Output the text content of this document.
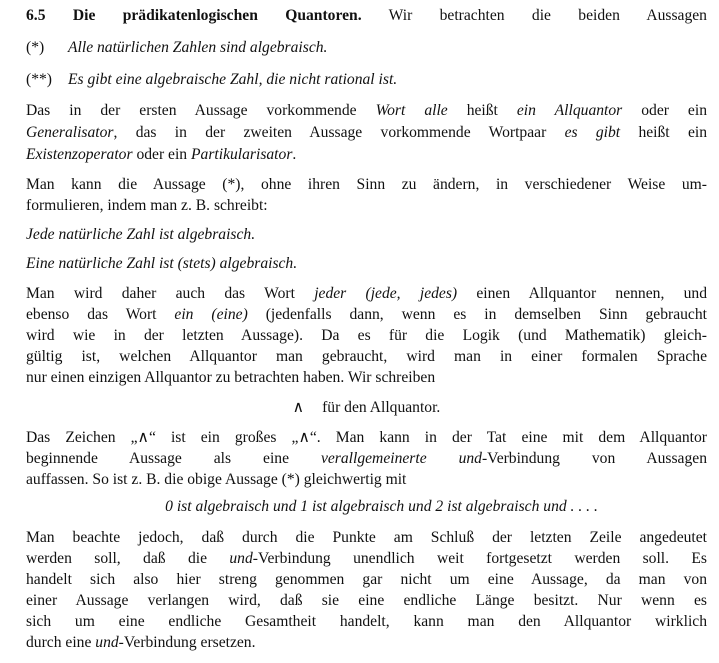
6.5 Die prädikatenlogischen Quantoren. Wir betrachten die beiden Aussagen
(*) Alle natürlichen Zahlen sind algebraisch.
(**) Es gibt eine algebraische Zahl, die nicht rational ist.
Das in der ersten Aussage vorkommende Wort alle heißt ein Allquantor oder ein
Generalisator, das in der zweiten Aussage vorkommende Wortpaar es gibt heißt ein
Existenzoperator oder ein Partikularisator.
Man kann die Aussage (*), ohne ihren Sinn zu ändern, in verschiedener Weise um-
formulieren, indem man z. B. schreibt:
Jede natürliche Zahl ist algebraisch.
Eine natürliche Zahl ist (stets) algebraisch.
Man wird daher auch das Wort jeder (jede, jedes) einen Allquantor nennen, und
ebenso das Wort ein (eine) (jedenfalls dann, wenn es in demselben Sinn gebraucht
wird wie in der letzten Aussage). Da es für die Logik (und Mathematik) gleich-
gültig ist, welchen Allquantor man gebraucht, wird man in einer formalen Sprache
nur einen einzigen Allquantor zu betrachten haben. Wir schreiben
∧ für den Allquantor.
Das Zeichen „∧“ ist ein großes „∧“. Man kann in der Tat eine mit dem Allquantor
beginnende Aussage als eine verallgemeinerte und-Verbindung von Aussagen
auffassen. So ist z. B. die obige Aussage (*) gleichwertig mit
0 ist algebraisch und 1 ist algebraisch und 2 ist algebraisch und . . . .
Man beachte jedoch, daß durch die Punkte am Schluß der letzten Zeile angedeutet
werden soll, daß die und-Verbindung unendlich weit fortgesetzt werden soll. Es
handelt sich also hier streng genommen gar nicht um eine Aussage, da man von
einer Aussage verlangen wird, daß sie eine endliche Länge besitzt. Nur wenn es
sich um eine endliche Gesamtheit handelt, kann man den Allquantor wirklich
durch eine und-Verbindung ersetzen.
